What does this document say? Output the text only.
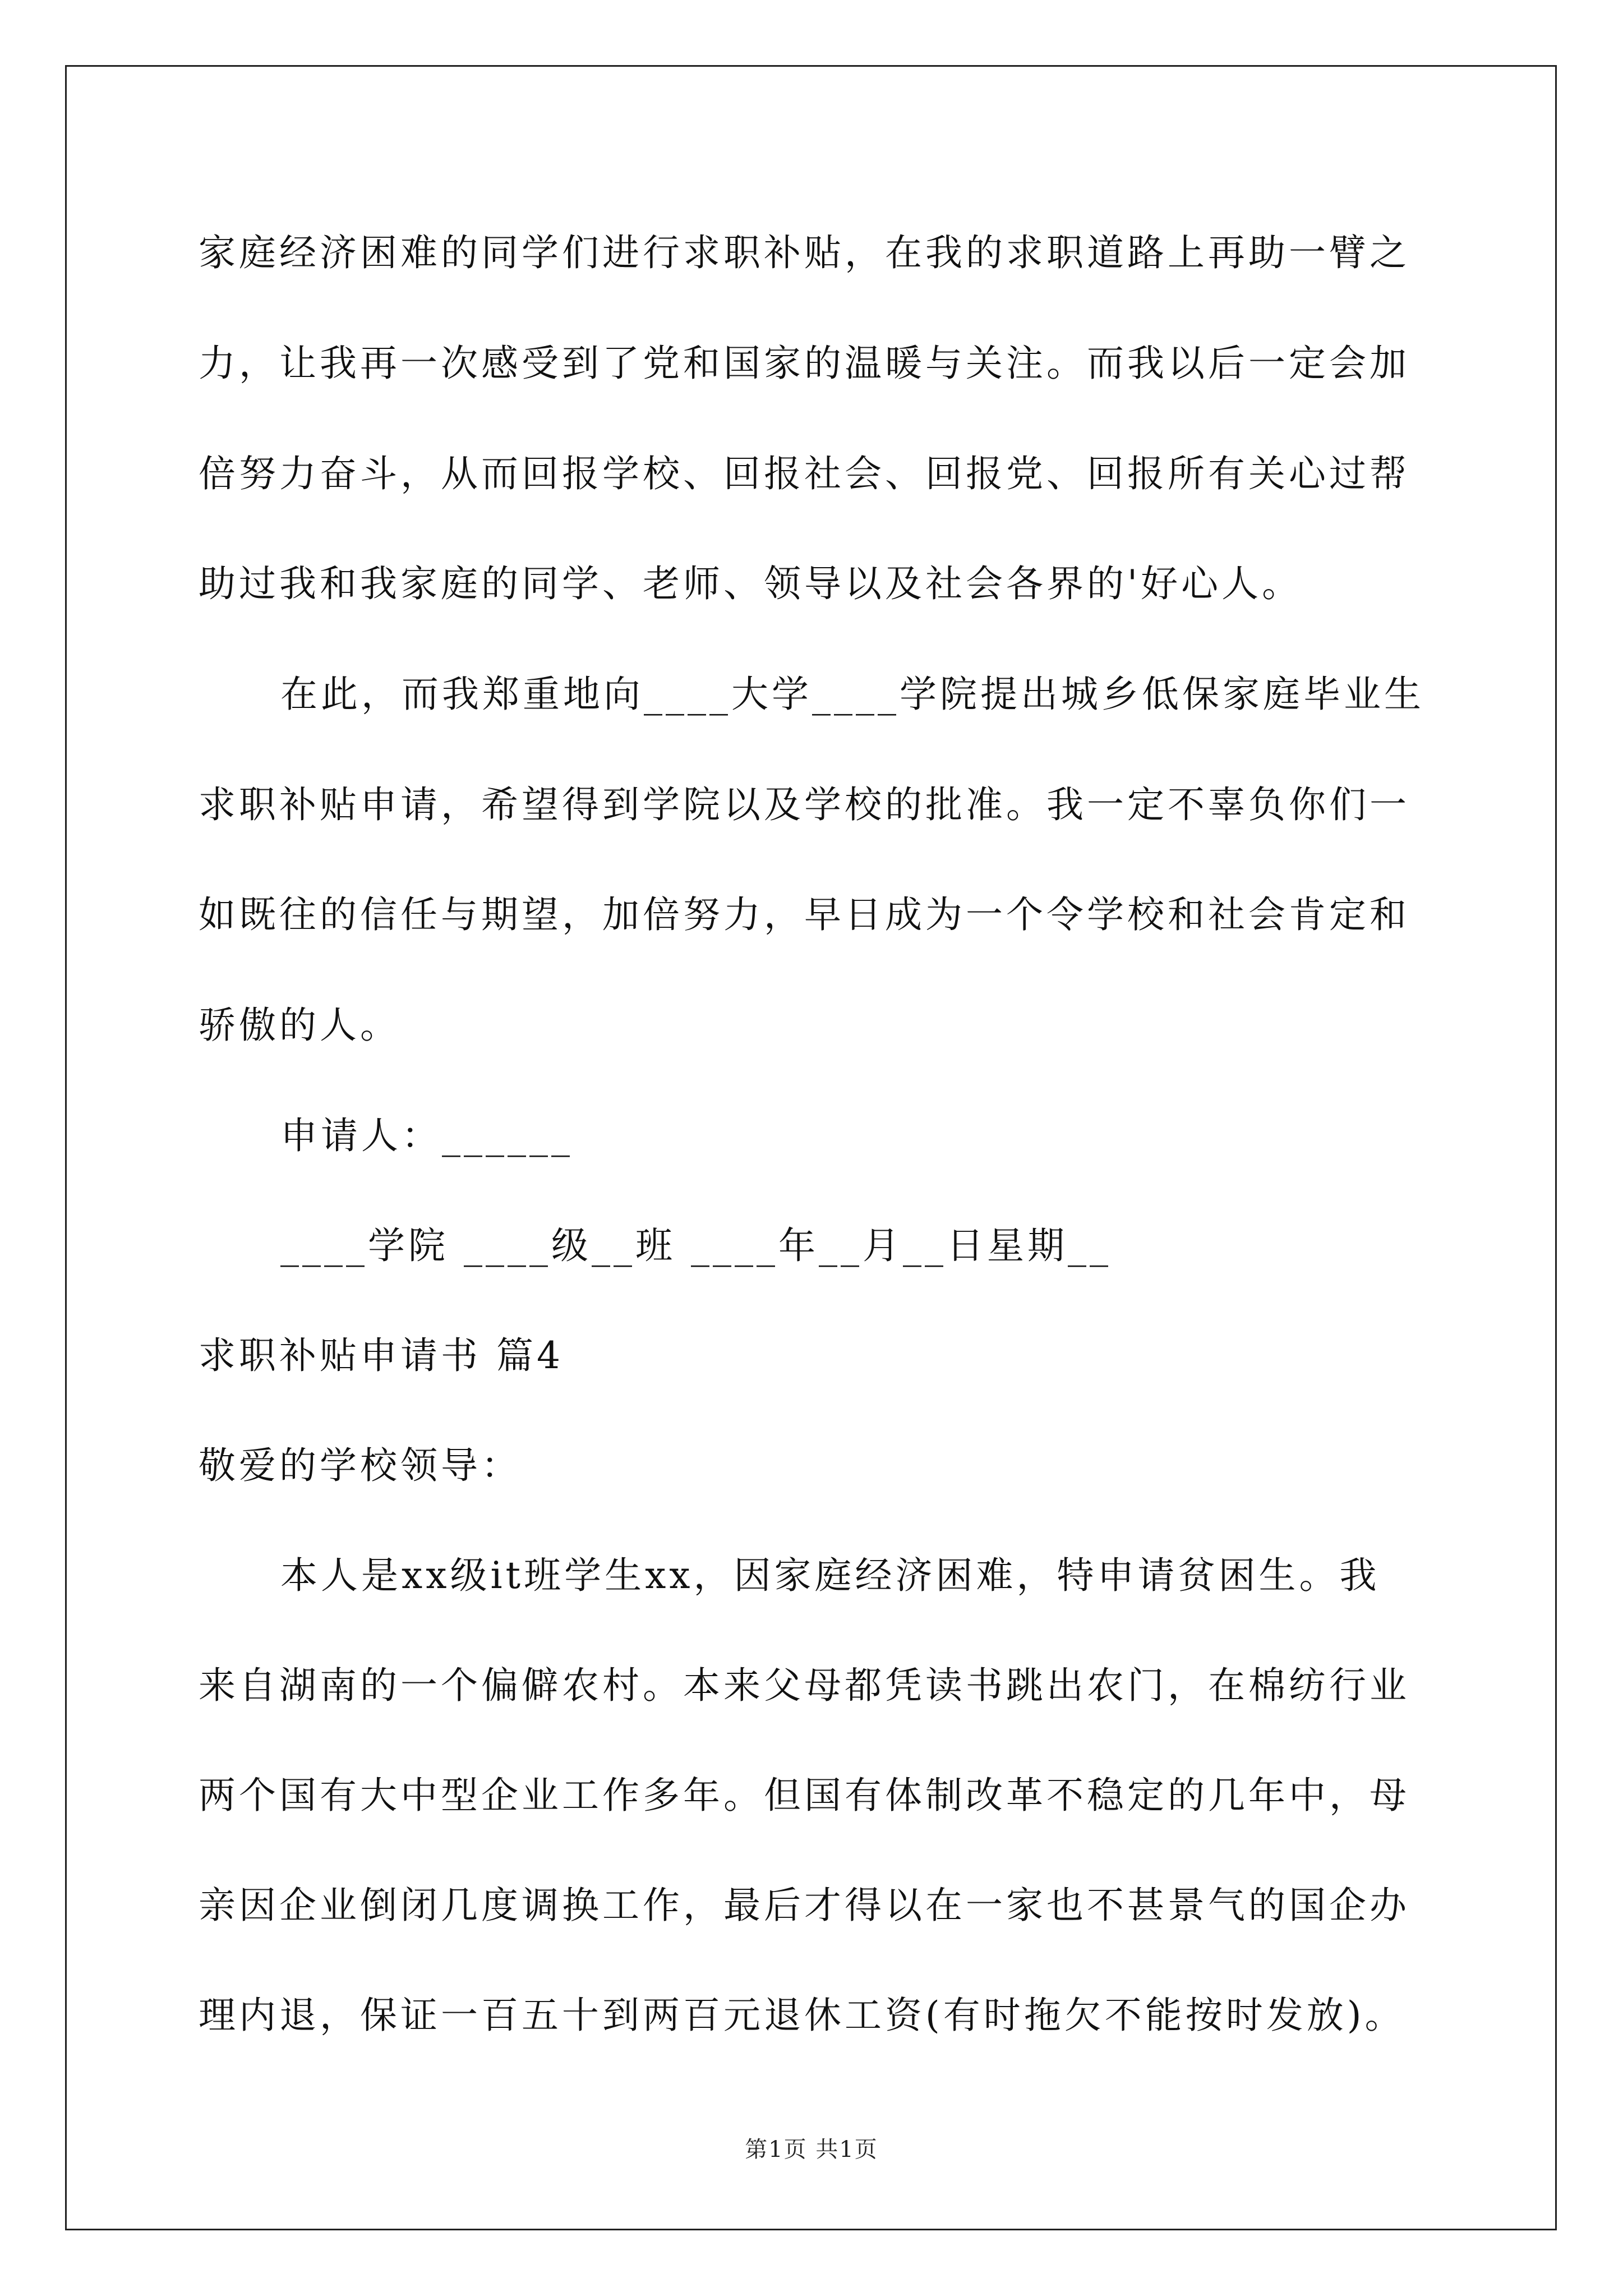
家庭经济困难的同学们进行求职补贴，在我的求职道路上再助一臂之
力，让我再一次感受到了党和国家的温暖与关注。而我以后一定会加
倍努力奋斗，从而回报学校、回报社会、回报党、回报所有关心过帮
助过我和我家庭的同学、老师、领导以及社会各界的'好心人。
在此，而我郑重地向____大学____学院提出城乡低保家庭毕业生
求职补贴申请，希望得到学院以及学校的批准。我一定不辜负你们一
如既往的信任与期望，加倍努力，早日成为一个令学校和社会肯定和
骄傲的人。
申请人：______
____学院 ____级__班 ____年__月__日星期__
求职补贴申请书 篇4
敬爱的学校领导：
本人是xx级it班学生xx，因家庭经济困难，特申请贫困生。我
来自湖南的一个偏僻农村。本来父母都凭读书跳出农门，在棉纺行业
两个国有大中型企业工作多年。但国有体制改革不稳定的几年中，母
亲因企业倒闭几度调换工作，最后才得以在一家也不甚景气的国企办
理内退，保证一百五十到两百元退休工资(有时拖欠不能按时发放)。
第1页 共1页
